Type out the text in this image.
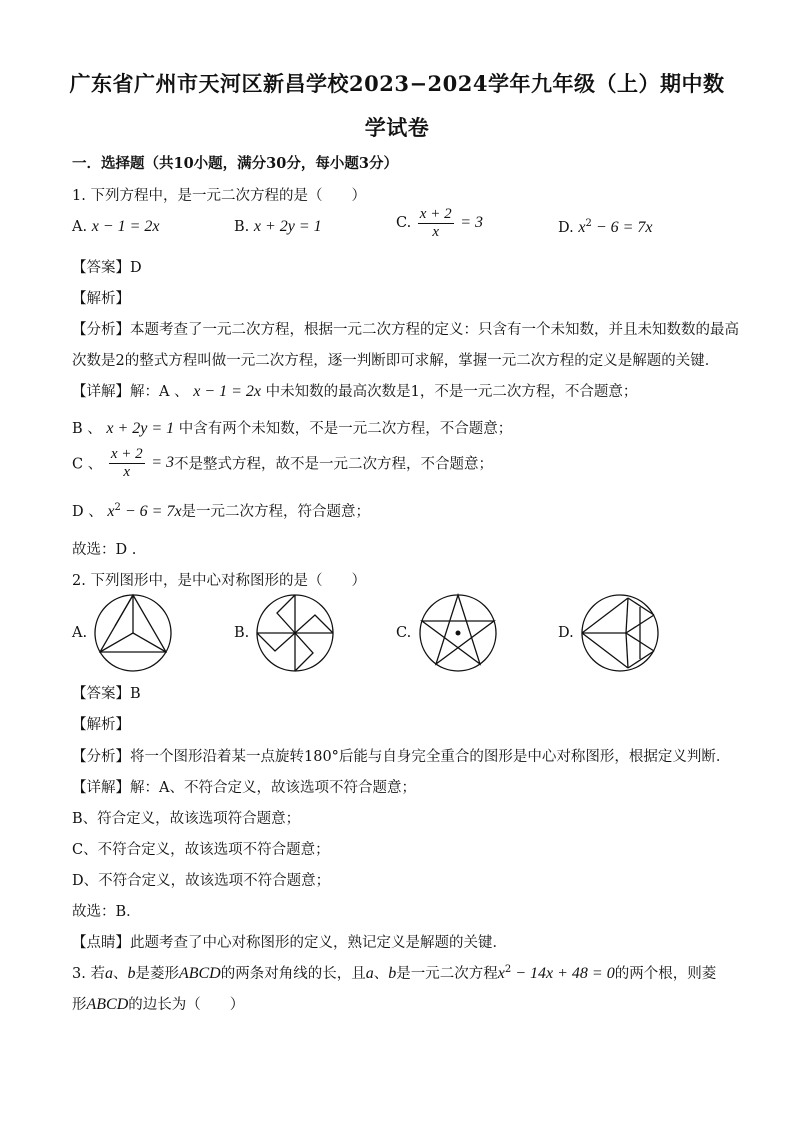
广东省广州市天河区新昌学校2023−2024学年九年级（上）期中数
学试卷
一．选择题（共10小题，满分30分，每小题3分）
1. 下列方程中，是一元二次方程的是（　　）
A. x − 1 = 2x	B. x + 2y = 1	C. $\frac{x + 2}{x} = 3$	D. $x^2 - 6 = 7x$
【答案】D
【解析】
【分析】本题考查了一元二次方程，根据一元二次方程的定义：只含有一个未知数，并且未知数数的最高
次数是2的整式方程叫做一元二次方程，逐一判断即可求解，掌握一元二次方程的定义是解题的关键．
【详解】解：A 、 x − 1 = 2x 中未知数的最高次数是1，不是一元二次方程，不合题意；
B 、 x + 2y = 1 中含有两个未知数，不是一元二次方程，不合题意；
C 、 $\frac{x + 2}{x} = 3$不是整式方程，故不是一元二次方程，不合题意；
D 、 $x^2 - 6 = 7x$是一元二次方程，符合题意；
故选：D .
2. 下列图形中，是中心对称图形的是（　　）
A.	B.	C.	D.
【答案】B
【解析】
【分析】将一个图形沿着某一点旋转180°后能与自身完全重合的图形是中心对称图形，根据定义判断．
【详解】解：A、不符合定义，故该选项不符合题意；
B、符合定义，故该选项符合题意；
C、不符合定义，故该选项不符合题意；
D、不符合定义，故该选项不符合题意；
故选：B．
【点睛】此题考查了中心对称图形的定义，熟记定义是解题的关键．
3. 若a、b是菱形ABCD的两条对角线的长，且a、b是一元二次方程$x^2 - 14x + 48 = 0$的两个根，则菱
形ABCD的边长为（　　）
